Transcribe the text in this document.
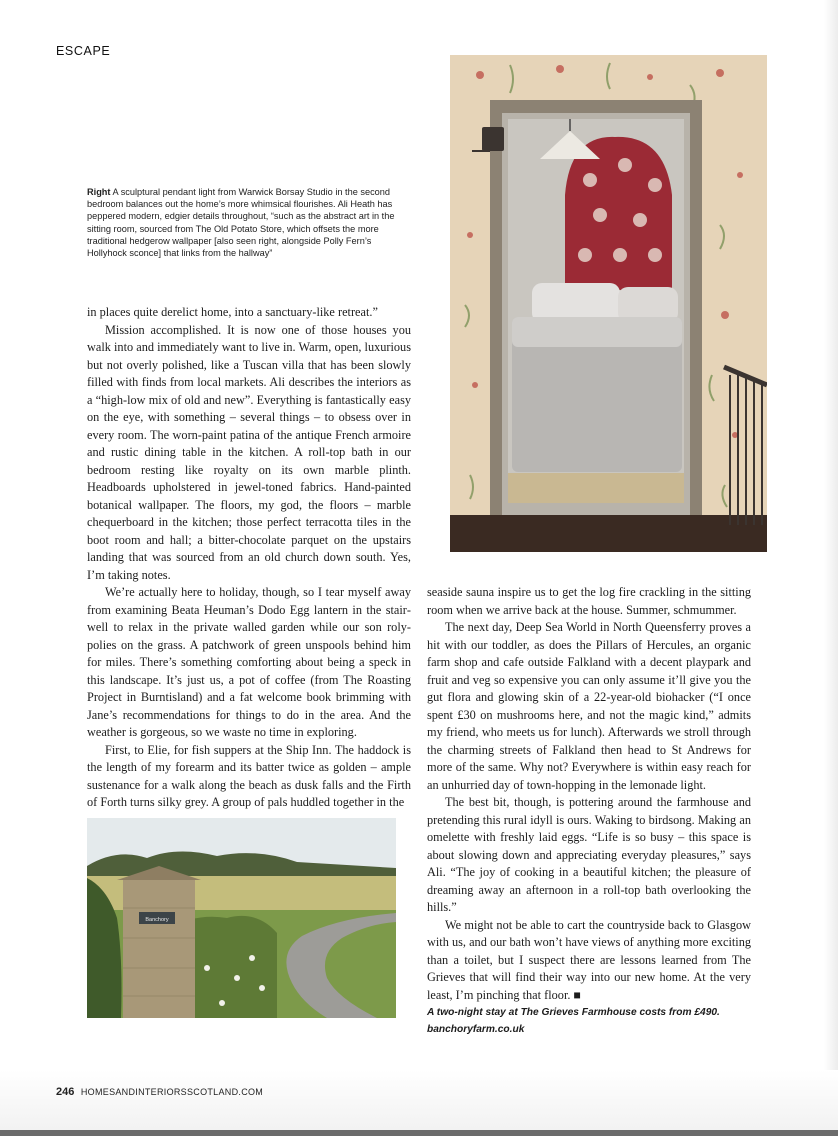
ESCAPE
Right A sculptural pendant light from Warwick Borsay Studio in the second bedroom balances out the home’s more whimsical flourishes. Ali Heath has peppered modern, edgier details throughout, “such as the abstract art in the sitting room, sourced from The Old Potato Store, which offsets the more traditional hedgerow wallpaper [also seen right, alongside Polly Fern’s Hollyhock sconce] that links from the hallway”

in places quite derelict home, into a sanctuary-like retreat.”

Mission accomplished. It is now one of those houses you walk into and immediately want to live in. Warm, open, luxurious but not overly polished, like a Tuscan villa that has been slowly filled with finds from local markets. Ali describes the interiors as a “high-low mix of old and new”. Everything is fantastically easy on the eye, with something – several things – to obsess over in every room. The worn-paint patina of the antique French armoire and rustic dining table in the kitchen. A roll-top bath in our bedroom resting like royalty on its own marble plinth. Headboards upholstered in jewel-toned fabrics. Hand-painted botanical wallpaper. The floors, my god, the floors – marble chequerboard in the kitchen; those perfect terracotta tiles in the boot room and hall; a bitter-chocolate parquet on the upstairs landing that was sourced from an old church down south. Yes, I’m taking notes.

We’re actually here to holiday, though, so I tear myself away from examining Beata Heuman’s Dodo Egg lantern in the stairwell to relax in the private walled garden while our son roly-polies on the grass. A patchwork of green unspools behind him for miles. There’s something comforting about being a speck in this landscape. It’s just us, a pot of coffee (from The Roasting Project in Burntisland) and a fat welcome book brimming with Jane’s recommendations for things to do in the area. And the weather is gorgeous, so we waste no time in exploring.

First, to Elie, for fish suppers at the Ship Inn. The haddock is the length of my forearm and its batter twice as golden – ample sustenance for a walk along the beach as dusk falls and the Firth of Forth turns silky grey. A group of pals huddled together in the

seaside sauna inspire us to get the log fire crackling in the sitting room when we arrive back at the house. Summer, schmummer.

The next day, Deep Sea World in North Queensferry proves a hit with our toddler, as does the Pillars of Hercules, an organic farm shop and cafe outside Falkland with a decent playpark and fruit and veg so expensive you can only assume it’ll give you the gut flora and glowing skin of a 22-year-old biohacker (“I once spent £30 on mushrooms here, and not the magic kind,” admits my friend, who meets us for lunch). Afterwards we stroll through the charming streets of Falkland then head to St Andrews for more of the same. Why not? Everywhere is within easy reach for an unhurried day of town-hopping in the lemonade light.

The best bit, though, is pottering around the farmhouse and pretending this rural idyll is ours. Waking to birdsong. Making an omelette with freshly laid eggs. “Life is so busy – this space is about slowing down and appreciating everyday pleasures,” says Ali. “The joy of cooking in a beautiful kitchen; the pleasure of dreaming away an afternoon in a roll-top bath overlooking the hills.”

We might not be able to cart the countryside back to Glasgow with us, and our bath won’t have views of anything more exciting than a toilet, but I suspect there are lessons learned from The Grieves that will find their way into our new home. At the very least, I’m pinching that floor. ■

A two-night stay at The Grieves Farmhouse costs from £490.
banchoryfarm.co.uk

Banchory
246 HOMESANDINTERIORSSCOTLAND.COM
